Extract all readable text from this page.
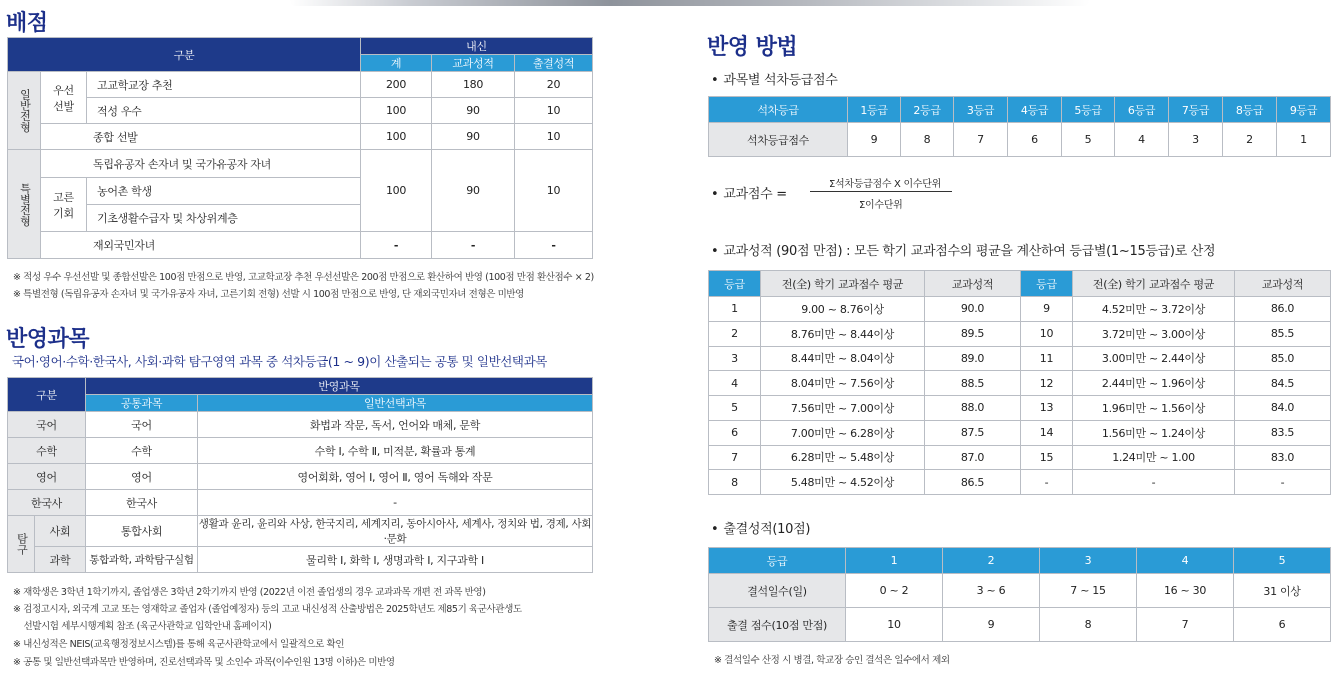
배점
구분			내신		
			계	교과성적	출결성적
일반전형	우선 선발	고교학교장 추천	200	180	20
		적성 우수	100	90	10
	종합 선발		100	90	10
특별전형	독립유공자 손자녀 및 국가유공자 자녀		100	90	10
	고른 기회	농어촌 학생			
		기초생활수급자 및 차상위계층			
	재외국민자녀		-	-	-
※ 적성 우수 우선선발 및 종합선발은 100점 만점으로 반영, 고교학교장 추천 우선선발은 200점 만점으로 환산하여 반영 (100점 만점 환산점수 × 2)
※ 특별전형 (독립유공자 손자녀 및 국가유공자 자녀, 고른기회 전형) 선발 시 100점 만점으로 반영, 단 재외국민자녀 전형은 미반영
반영과목
국어·영어·수학·한국사, 사회·과학 탐구영역 과목 중 석차등급(1 ~ 9)이 산출되는 공통 및 일반선택과목
구분		반영과목	
		공통과목	일반선택과목
국어		국어	화법과 작문, 독서, 언어와 매체, 문학
수학		수학	수학 Ⅰ, 수학 Ⅱ, 미적분, 확률과 통계
영어		영어	영어회화, 영어 Ⅰ, 영어 Ⅱ, 영어 독해와 작문
한국사		한국사	-
탐구	사회	통합사회	생활과 윤리, 윤리와 사상, 한국지리, 세계지리, 동아시아사, 세계사, 정치와 법, 경제, 사회·문화
	과학	통합과학, 과학탐구실험	물리학 Ⅰ, 화학 Ⅰ, 생명과학 Ⅰ, 지구과학 Ⅰ
※ 재학생은 3학년 1학기까지, 졸업생은 3학년 2학기까지 반영 (2022년 이전 졸업생의 경우 교과과목 개편 전 과목 반영)
※ 검정고시자, 외국계 고교 또는 영재학교 졸업자 (졸업예정자) 등의 고교 내신성적 산출방법은 2025학년도 제85기 육군사관생도
선발시험 세부시행계획 참조 (육군사관학교 입학안내 홈페이지)
※ 내신성적은 NEIS(교육행정정보시스템)를 통해 육군사관학교에서 일괄적으로 확인
※ 공통 및 일반선택과목만 반영하며, 진로선택과목 및 소인수 과목(이수인원 13명 이하)은 미반영
반영 방법
• 과목별 석차등급점수
석차등급	1등급	2등급	3등급	4등급	5등급	6등급	7등급	8등급	9등급
석차등급점수	9	8	7	6	5	4	3	2	1
• 교과점수 =
Σ석차등급점수 X 이수단위
Σ이수단위
• 교과성적 (90점 만점) : 모든 학기 교과점수의 평균을 계산하여 등급별(1~15등급)로 산정
등급	전(全) 학기 교과점수 평균	교과성적	등급	전(全) 학기 교과점수 평균	교과성적
1	9.00 ~ 8.76이상	90.0	9	4.52미만 ~ 3.72이상	86.0
2	8.76미만 ~ 8.44이상	89.5	10	3.72미만 ~ 3.00이상	85.5
3	8.44미만 ~ 8.04이상	89.0	11	3.00미만 ~ 2.44이상	85.0
4	8.04미만 ~ 7.56이상	88.5	12	2.44미만 ~ 1.96이상	84.5
5	7.56미만 ~ 7.00이상	88.0	13	1.96미만 ~ 1.56이상	84.0
6	7.00미만 ~ 6.28이상	87.5	14	1.56미만 ~ 1.24이상	83.5
7	6.28미만 ~ 5.48이상	87.0	15	1.24미만 ~ 1.00	83.0
8	5.48미만 ~ 4.52이상	86.5	-	-	-
• 출결성적(10점)
등급	1	2	3	4	5
결석일수(일)	0 ~ 2	3 ~ 6	7 ~ 15	16 ~ 30	31 이상
출결 점수(10점 만점)	10	9	8	7	6
※ 결석일수 산정 시 병결, 학교장 승인 결석은 일수에서 제외
